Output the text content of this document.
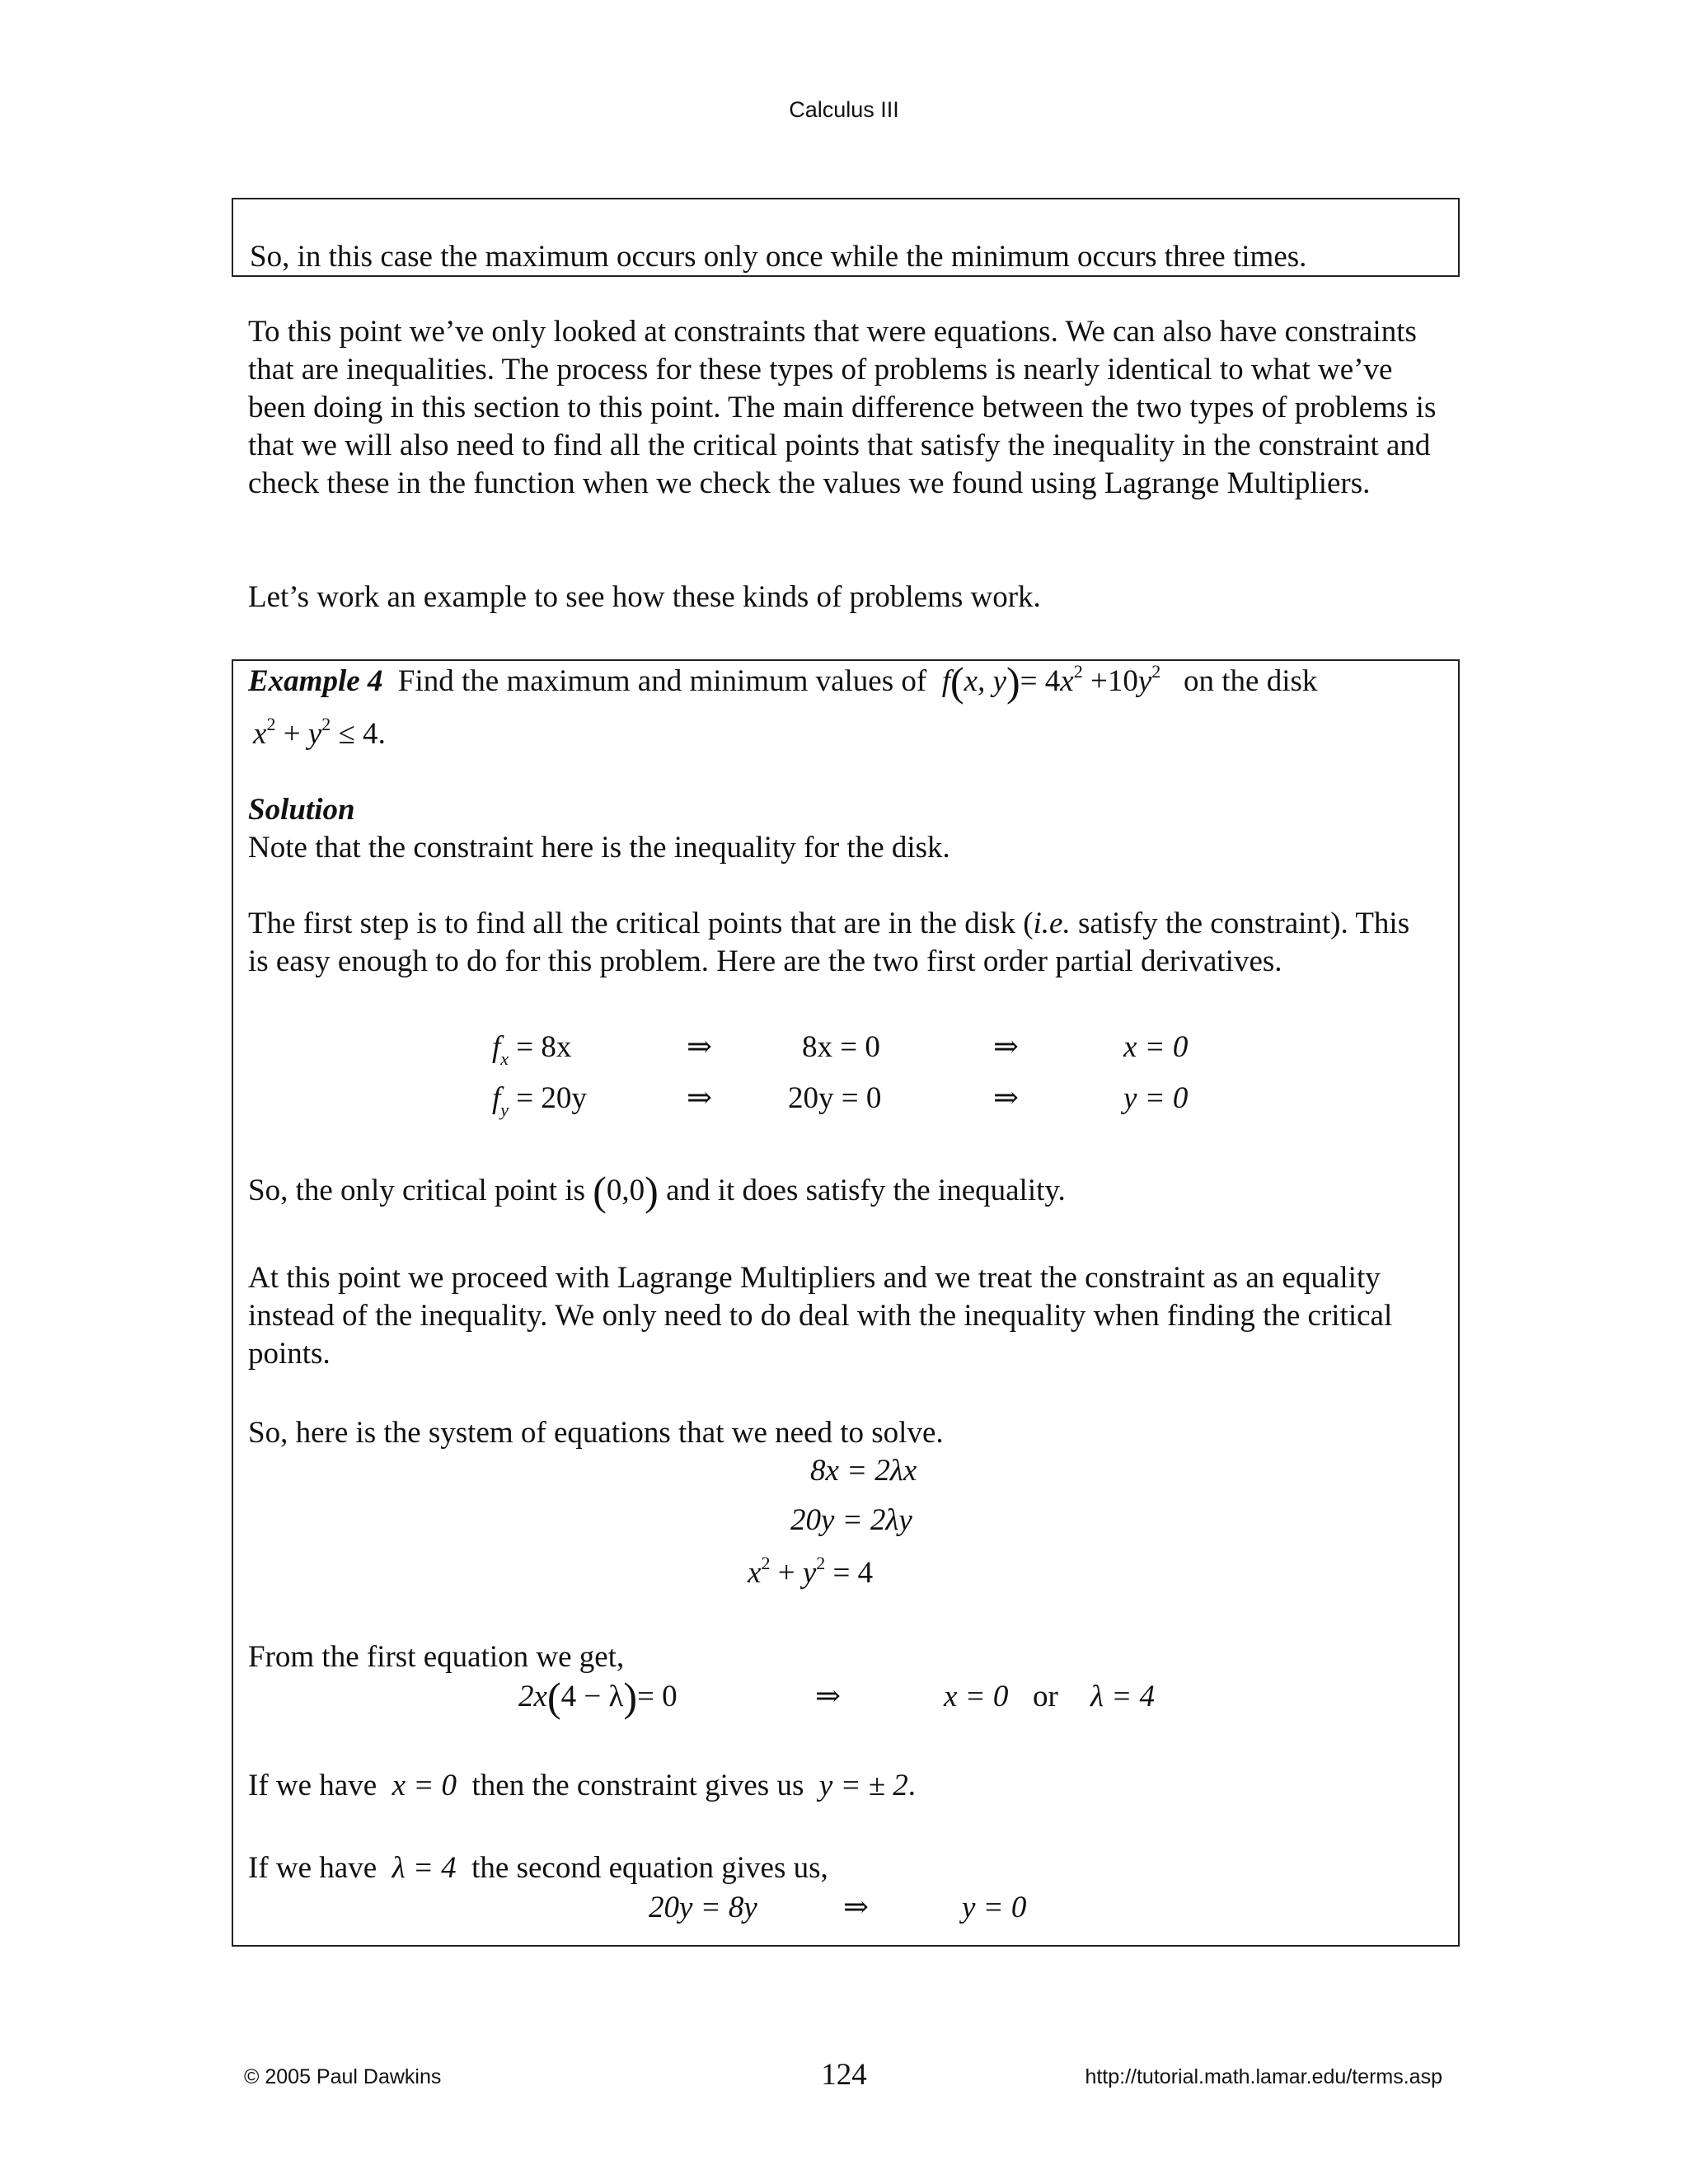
Calculus III
So, in this case the maximum occurs only once while the minimum occurs three times.
To this point we’ve only looked at constraints that were equations. We can also have constraints that are inequalities. The process for these types of problems is nearly identical to what we’ve been doing in this section to this point. The main difference between the two types of problems is that we will also need to find all the critical points that satisfy the inequality in the constraint and check these in the function when we check the values we found using Lagrange Multipliers.
Let’s work an example to see how these kinds of problems work.
Example 4 Find the maximum and minimum values of f(x, $y)= 4x^2 +10y^2$ on the disk
$x^2 + y^2 \le 4$.
Solution
Note that the constraint here is the inequality for the disk.
The first step is to find all the critical points that are in the disk (i.e. satisfy the constraint). This is easy enough to do for this problem. Here are the two first order partial derivatives.
$f_x = 8x$	⇒	8x = 0	⇒	x = 0
$f_y = 20y$	⇒ 20y = 0	⇒	y = 0
So, the only critical point is (0,0) and it does satisfy the inequality.
At this point we proceed with Lagrange Multipliers and we treat the constraint as an equality instead of the inequality. We only need to do deal with the inequality when finding the critical points.
So, here is the system of equations that we need to solve.
8x = 2λx
20y = 2λy
$x^2 + y^2 = 4$
From the first equation we get,
2x(4 − λ)= 0	⇒	x = 0 or λ = 4
If we have x = 0 then the constraint gives us y = ± 2.
If we have λ = 4 the second equation gives us,
20y = 8y	⇒	y = 0
© 2005 Paul Dawkins	124	http://tutorial.math.lamar.edu/terms.asp
